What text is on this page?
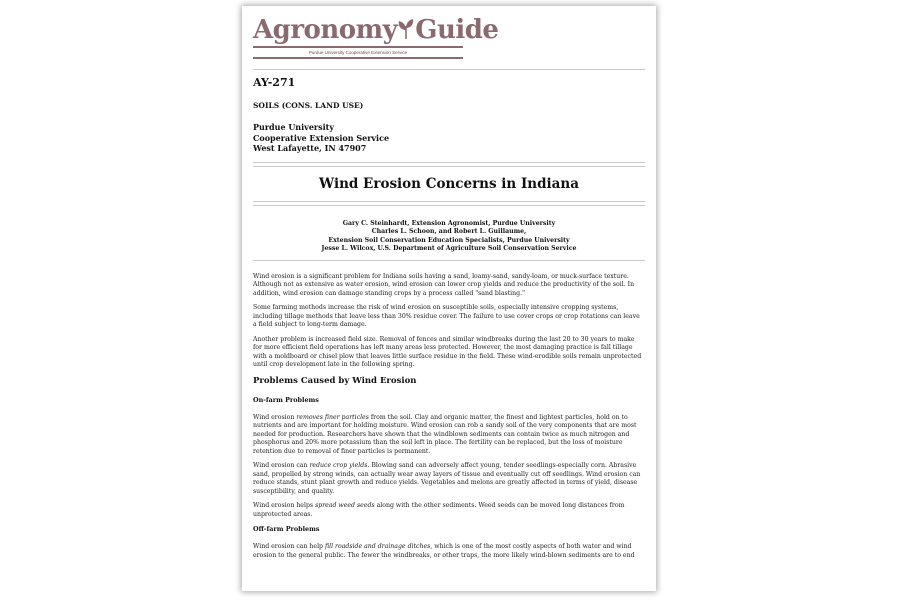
Agronomy Guide
Purdue University Cooperative Extension Service
AY-271
SOILS (CONS. LAND USE)
Purdue University
Cooperative Extension Service
West Lafayette, IN 47907
Wind Erosion Concerns in Indiana
Gary C. Steinhardt, Extension Agronomist, Purdue University
Charles L. Schoon, and Robert L. Guillaume,
Extension Soil Conservation Education Specialists, Purdue University
Jesse L. Wilcox, U.S. Department of Agriculture Soil Conservation Service

Wind erosion is a significant problem for Indiana soils having a sand, loamy-sand, sandy-loam, or muck-surface texture. Although not as extensive as water erosion, wind erosion can lower crop yields and reduce the productivity of the soil. In addition, wind erosion can damage standing crops by a process called "sand blasting."

Some farming methods increase the risk of wind erosion on susceptible soils, especially intensive cropping systems, including tillage methods that leave less than 30% residue cover. The failure to use cover crops or crop rotations can leave a field subject to long-term damage.

Another problem is increased field size. Removal of fences and similar windbreaks during the last 20 to 30 years to make for more efficient field operations has left many areas less protected. However, the most damaging practice is fall tillage with a moldboard or chisel plow that leaves little surface residue in the field. These wind-erodible soils remain unprotected until crop development late in the following spring.

Problems Caused by Wind Erosion
On-farm Problems

Wind erosion removes finer particles from the soil. Clay and organic matter, the finest and lightest particles, hold on to nutrients and are important for holding moisture. Wind erosion can rob a sandy soil of the very components that are most needed for production. Researchers have shown that the windblown sediments can contain twice as much nitrogen and phosphorus and 20% more potassium than the soil left in place. The fertility can be replaced, but the loss of moisture retention due to removal of finer particles is permanent.

Wind erosion can reduce crop yields. Blowing sand can adversely affect young, tender seedlings-especially corn. Abrasive sand, propelled by strong winds, can actually wear away layers of tissue and eventually cut off seedlings. Wind erosion can reduce stands, stunt plant growth and reduce yields. Vegetables and melons are greatly affected in terms of yield, disease susceptibility, and quality.

Wind erosion helps spread weed seeds along with the other sediments. Weed seeds can be moved long distances from unprotected areas.

Off-farm Problems

Wind erosion can help fill roadside and drainage ditches, which is one of the most costly aspects of both water and wind erosion to the general public. The fewer the windbreaks, or other traps, the more likely wind-blown sediments are to end
